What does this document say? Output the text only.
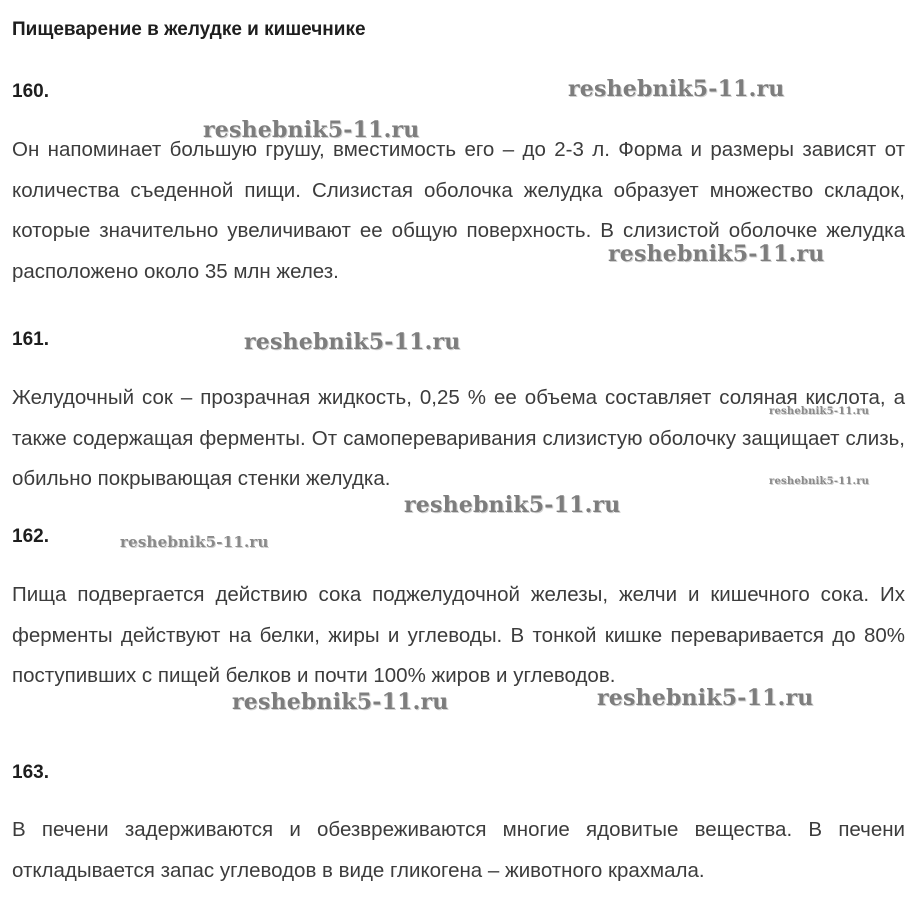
Пищеварение в желудке и кишечнике
160.

Он напоминает большую грушу, вместимость его – до 2-3 л. Форма и размеры зависят от количества съеденной пищи. Слизистая оболочка желудка образует множество складок, которые значительно увеличивают ее общую поверхность. В слизистой оболочке желудка расположено около 35 млн желез.

161.

Желудочный сок – прозрачная жидкость, 0,25 % ее объема составляет соляная кислота, а также содержащая ферменты. От самопереваривания слизистую оболочку защищает слизь, обильно покрывающая стенки желудка.

162.

Пища подвергается действию сока поджелудочной железы, желчи и кишечного сока. Их ферменты действуют на белки, жиры и углеводы. В тонкой кишке переваривается до 80% поступивших с пищей белков и почти 100% жиров и углеводов.

163.

В печени задерживаются и обезвреживаются многие ядовитые вещества. В печени откладывается запас углеводов в виде гликогена – животного крахмала.

reshebnik5-11.ru
reshebnik5-11.ru
reshebnik5-11.ru
reshebnik5-11.ru
reshebnik5-11.ru
reshebnik5-11.ru
reshebnik5-11.ru
reshebnik5-11.ru
reshebnik5-11.ru	reshebnik5-11.ru
